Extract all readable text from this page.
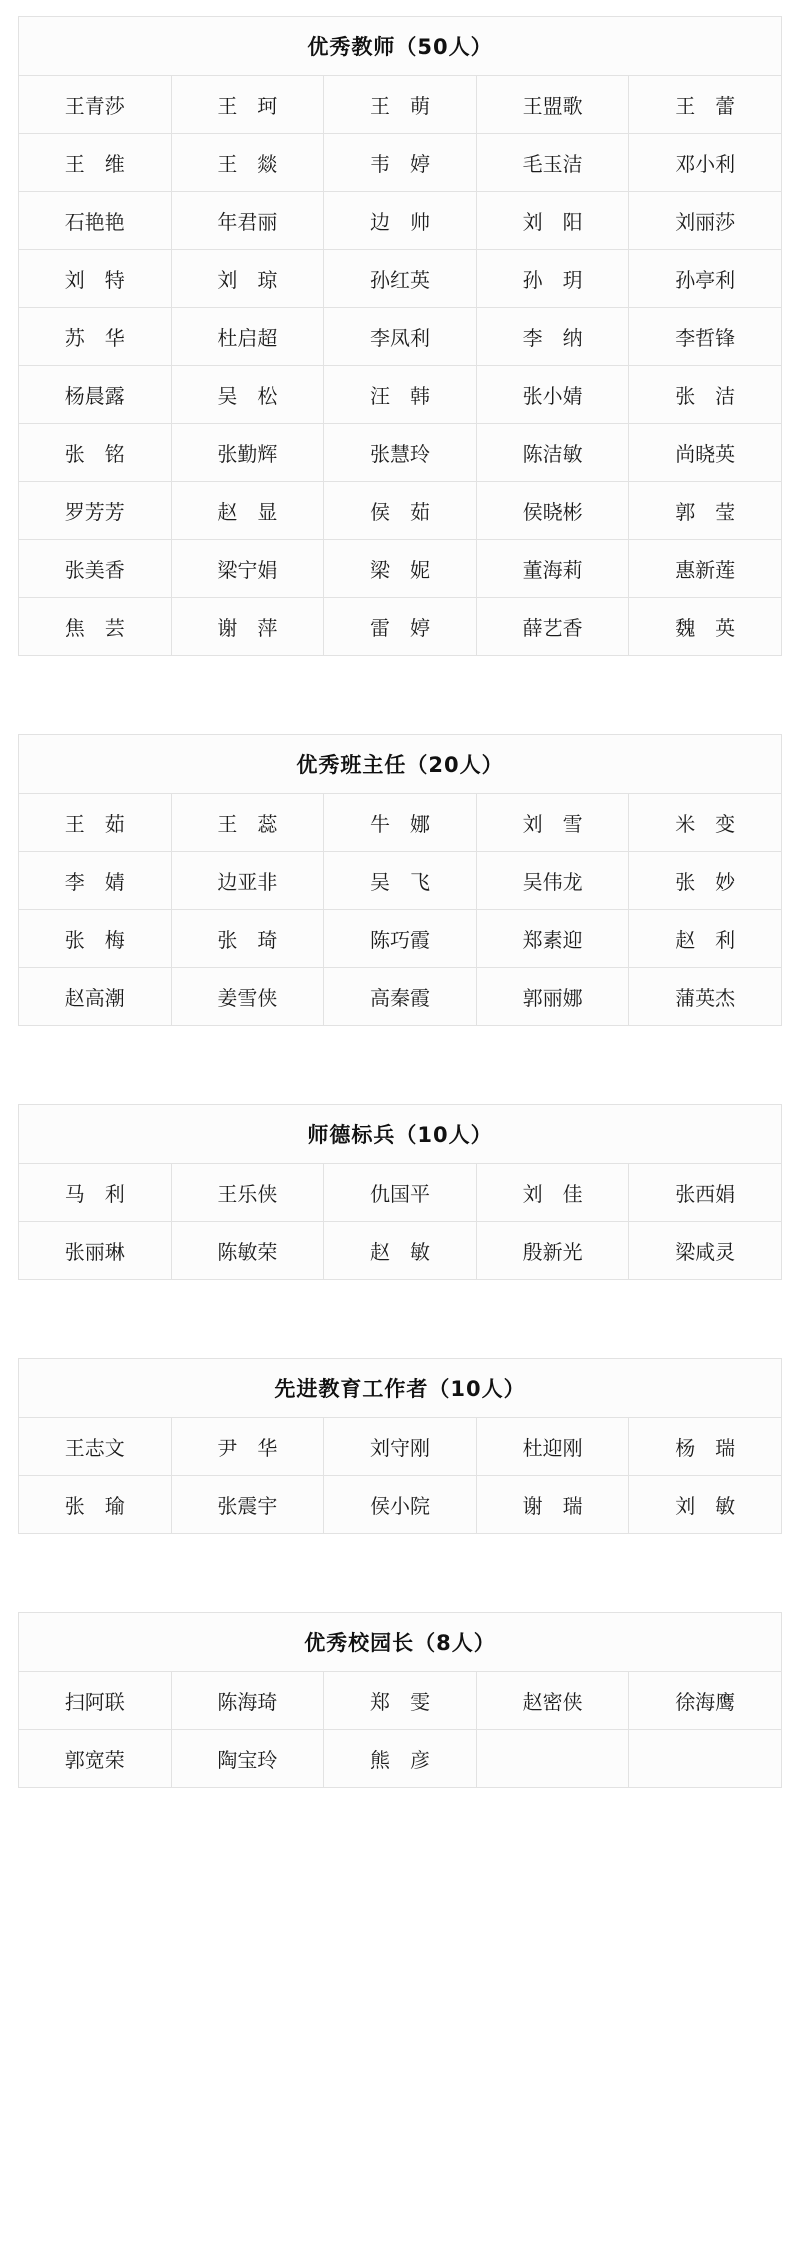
优秀教师（50人）				
王青莎	王　珂	王　萌	王盟歌	王　蕾
王　维	王　燚	韦　婷	毛玉洁	邓小利
石艳艳	年君丽	边　帅	刘　阳	刘丽莎
刘　特	刘　琼	孙红英	孙　玥	孙亭利
苏　华	杜启超	李凤利	李　纳	李哲锋
杨晨露	吴　松	汪　韩	张小婧	张　洁
张　铭	张勤辉	张慧玲	陈洁敏	尚晓英
罗芳芳	赵　显	侯　茹	侯晓彬	郭　莹
张美香	梁宁娟	梁　妮	董海莉	惠新莲
焦　芸	谢　萍	雷　婷	薛艺香	魏　英
优秀班主任（20人）				
王　茹	王　蕊	牛　娜	刘　雪	米　变
李　婧	边亚非	吴　飞	吴伟龙	张　妙
张　梅	张　琦	陈巧霞	郑素迎	赵　利
赵高潮	姜雪侠	高秦霞	郭丽娜	蒲英杰
师德标兵（10人）				
马　利	王乐侠	仇国平	刘　佳	张西娟
张丽琳	陈敏荣	赵　敏	殷新光	梁咸灵
先进教育工作者（10人）				
王志文	尹　华	刘守刚	杜迎刚	杨　瑞
张　瑜	张震宇	侯小院	谢　瑞	刘　敏
优秀校园长（8人）				
扫阿联	陈海琦	郑　雯	赵密侠	徐海鹰
郭宽荣	陶宝玲	熊　彦		
